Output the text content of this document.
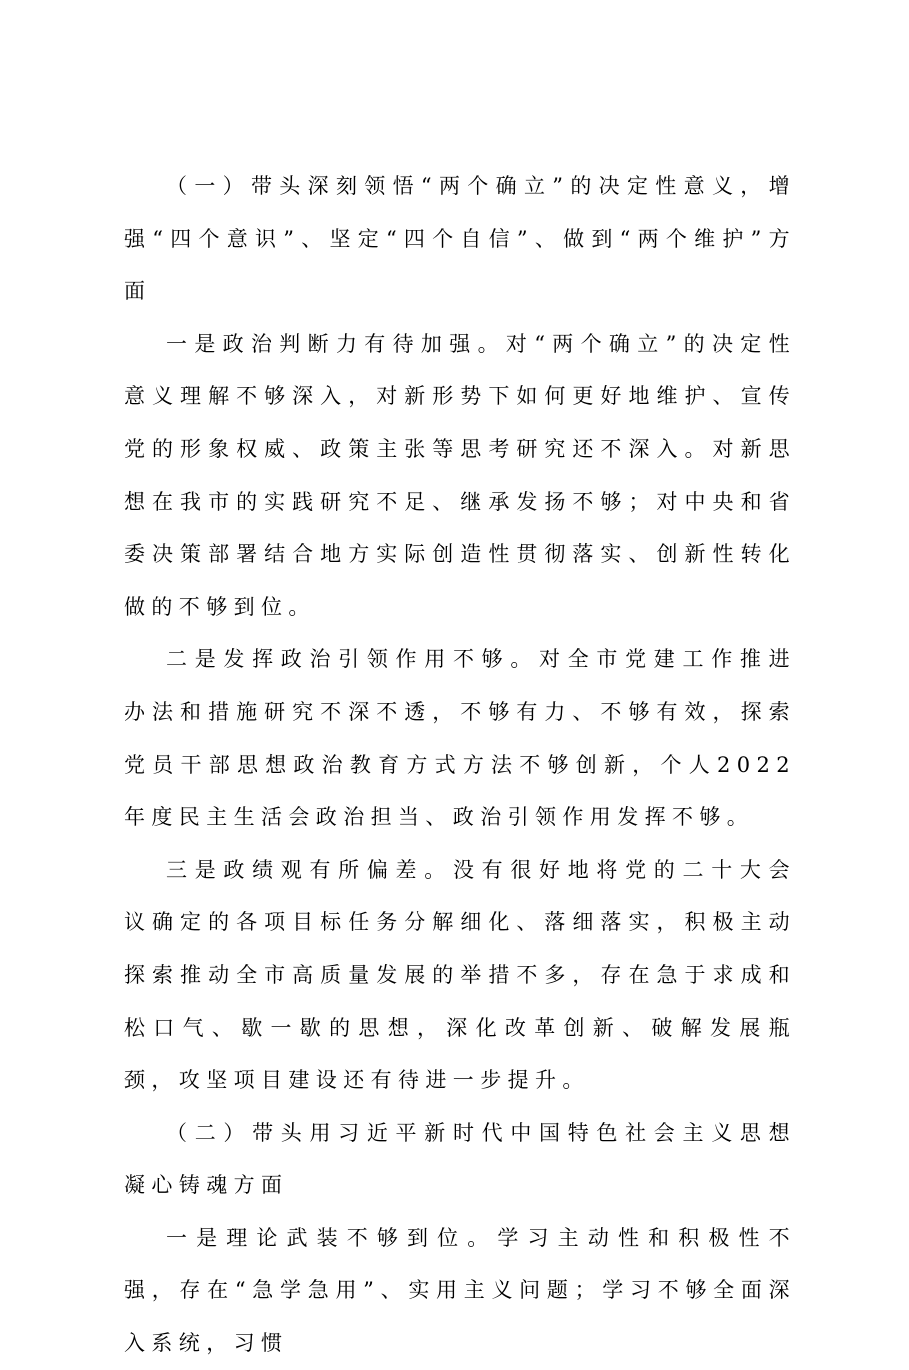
（一）带头深刻领悟“两个确立”的决定性意义，增强“四个意识”、坚定“四个自信”、做到“两个维护”方面

一是政治判断力有待加强。对“两个确立”的决定性意义理解不够深入，对新形势下如何更好地维护、宣传党的形象权威、政策主张等思考研究还不深入。对新思想在我市的实践研究不足、继承发扬不够；对中央和省委决策部署结合地方实际创造性贯彻落实、创新性转化做的不够到位。

二是发挥政治引领作用不够。对全市党建工作推进办法和措施研究不深不透，不够有力、不够有效，探索党员干部思想政治教育方式方法不够创新，个人2022年度民主生活会政治担当、政治引领作用发挥不够。

三是政绩观有所偏差。没有很好地将党的二十大会议确定的各项目标任务分解细化、落细落实，积极主动探索推动全市高质量发展的举措不多，存在急于求成和松口气、歇一歇的思想，深化改革创新、破解发展瓶颈，攻坚项目建设还有待进一步提升。

（二）带头用习近平新时代中国特色社会主义思想凝心铸魂方面

一是理论武装不够到位。学习主动性和积极性不强，存在“急学急用”、实用主义问题；学习不够全面深入系统，习惯
